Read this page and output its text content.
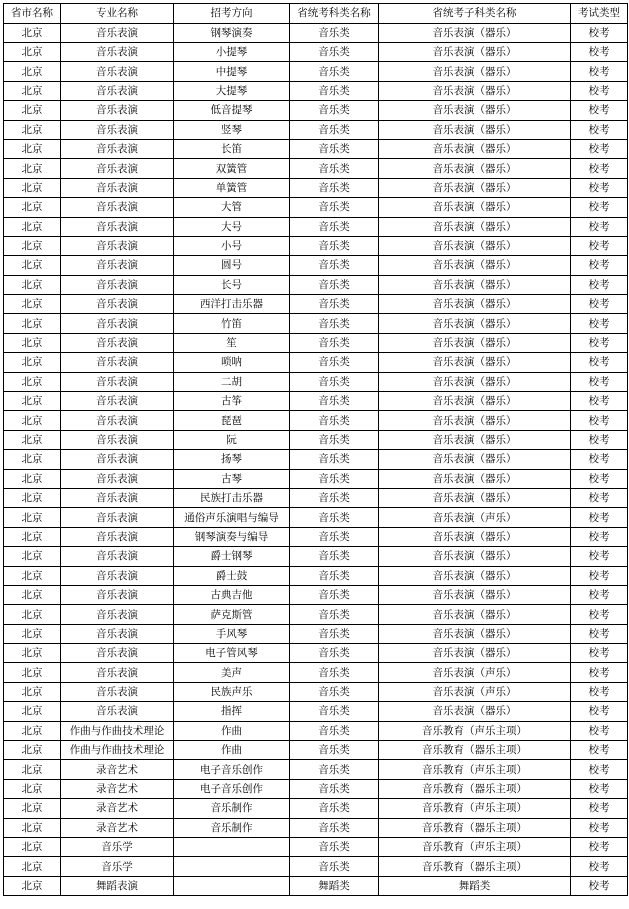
省市名称	专业名称	招考方向	省统考科类名称	省统考子科类名称	考试类型
北京	音乐表演	钢琴演奏	音乐类	音乐表演（器乐）	校考
北京	音乐表演	小提琴	音乐类	音乐表演（器乐）	校考
北京	音乐表演	中提琴	音乐类	音乐表演（器乐）	校考
北京	音乐表演	大提琴	音乐类	音乐表演（器乐）	校考
北京	音乐表演	低音提琴	音乐类	音乐表演（器乐）	校考
北京	音乐表演	竖琴	音乐类	音乐表演（器乐）	校考
北京	音乐表演	长笛	音乐类	音乐表演（器乐）	校考
北京	音乐表演	双簧管	音乐类	音乐表演（器乐）	校考
北京	音乐表演	单簧管	音乐类	音乐表演（器乐）	校考
北京	音乐表演	大管	音乐类	音乐表演（器乐）	校考
北京	音乐表演	大号	音乐类	音乐表演（器乐）	校考
北京	音乐表演	小号	音乐类	音乐表演（器乐）	校考
北京	音乐表演	圆号	音乐类	音乐表演（器乐）	校考
北京	音乐表演	长号	音乐类	音乐表演（器乐）	校考
北京	音乐表演	西洋打击乐器	音乐类	音乐表演（器乐）	校考
北京	音乐表演	竹笛	音乐类	音乐表演（器乐）	校考
北京	音乐表演	笙	音乐类	音乐表演（器乐）	校考
北京	音乐表演	唢呐	音乐类	音乐表演（器乐）	校考
北京	音乐表演	二胡	音乐类	音乐表演（器乐）	校考
北京	音乐表演	古筝	音乐类	音乐表演（器乐）	校考
北京	音乐表演	琵琶	音乐类	音乐表演（器乐）	校考
北京	音乐表演	阮	音乐类	音乐表演（器乐）	校考
北京	音乐表演	扬琴	音乐类	音乐表演（器乐）	校考
北京	音乐表演	古琴	音乐类	音乐表演（器乐）	校考
北京	音乐表演	民族打击乐器	音乐类	音乐表演（器乐）	校考
北京	音乐表演	通俗声乐演唱与编导	音乐类	音乐表演（声乐）	校考
北京	音乐表演	钢琴演奏与编导	音乐类	音乐表演（器乐）	校考
北京	音乐表演	爵士钢琴	音乐类	音乐表演（器乐）	校考
北京	音乐表演	爵士鼓	音乐类	音乐表演（器乐）	校考
北京	音乐表演	古典吉他	音乐类	音乐表演（器乐）	校考
北京	音乐表演	萨克斯管	音乐类	音乐表演（器乐）	校考
北京	音乐表演	手风琴	音乐类	音乐表演（器乐）	校考
北京	音乐表演	电子管风琴	音乐类	音乐表演（器乐）	校考
北京	音乐表演	美声	音乐类	音乐表演（声乐）	校考
北京	音乐表演	民族声乐	音乐类	音乐表演（声乐）	校考
北京	音乐表演	指挥	音乐类	音乐表演（器乐）	校考
北京	作曲与作曲技术理论	作曲	音乐类	音乐教育（声乐主项）	校考
北京	作曲与作曲技术理论	作曲	音乐类	音乐教育（器乐主项）	校考
北京	录音艺术	电子音乐创作	音乐类	音乐教育（声乐主项）	校考
北京	录音艺术	电子音乐创作	音乐类	音乐教育（器乐主项）	校考
北京	录音艺术	音乐制作	音乐类	音乐教育（声乐主项）	校考
北京	录音艺术	音乐制作	音乐类	音乐教育（器乐主项）	校考
北京	音乐学		音乐类	音乐教育（声乐主项）	校考
北京	音乐学		音乐类	音乐教育（器乐主项）	校考
北京	舞蹈表演		舞蹈类	舞蹈类	校考
